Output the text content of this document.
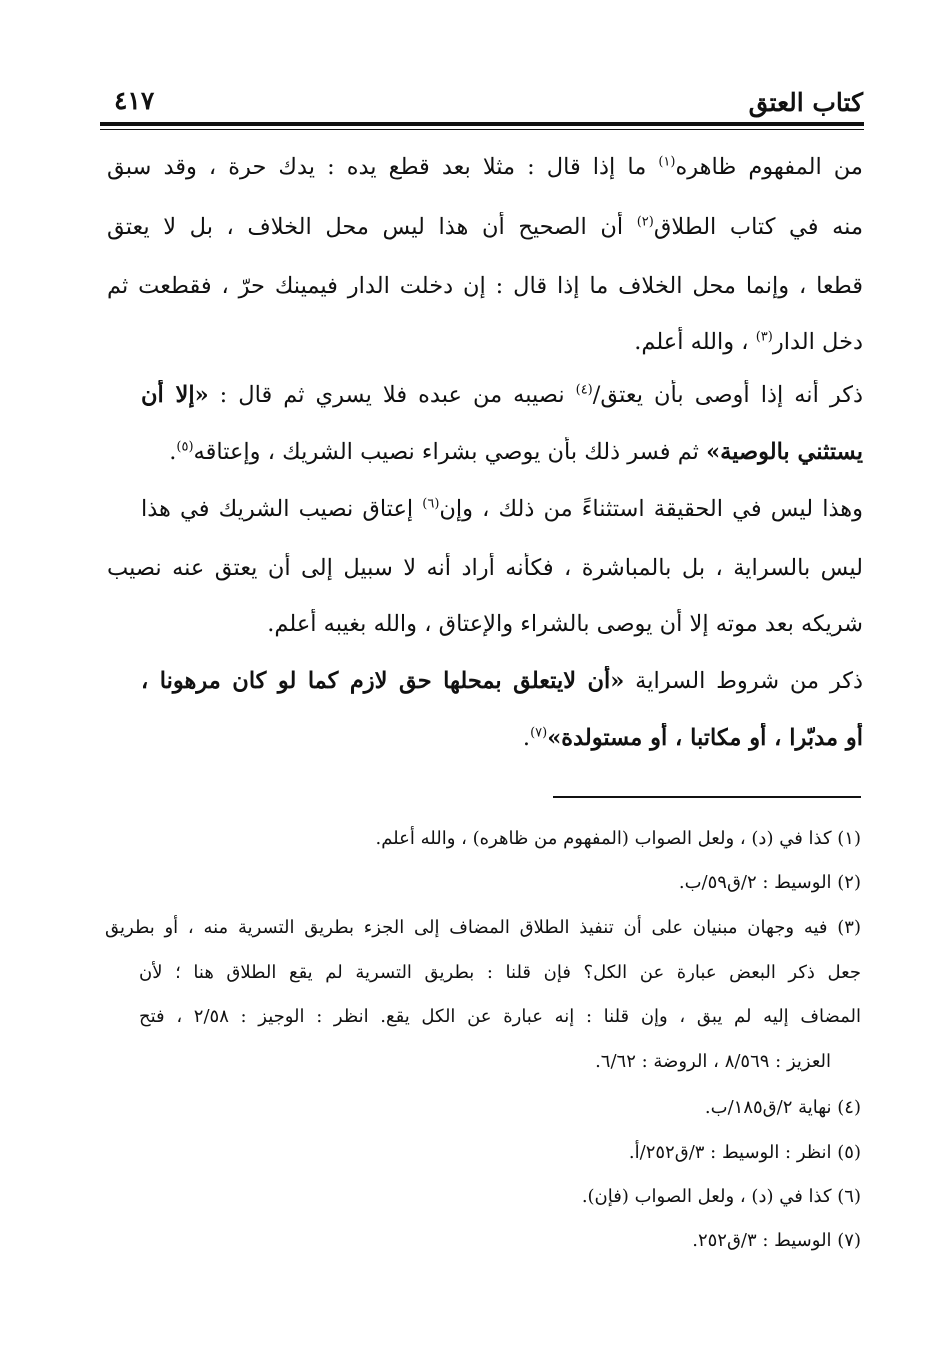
كتاب العتق
٤١٧
من المفهوم ظاهره$^{(١)}$ ما إذا قال : مثلا بعد قطع يده : يدك حرة ، وقد سبق
منه في كتاب الطلاق$^{(٢)}$ أن الصحيح أن هذا ليس محل الخلاف ، بل لا يعتق
قطعا ، وإنما محل الخلاف ما إذا قال : إن دخلت الدار فيمينك حرّ ، فقطعت ثم
دخل الدار$^{(٣)}$ ، والله أعلم.
ذكر أنه إذا أوصى بأن يعتق/$^{(٤)}$ نصيبه من عبده فلا يسري ثم قال : «إلا أن
يستثني بالوصية» ثم فسر ذلك بأن يوصي بشراء نصيب الشريك ، وإعتاقه$^{(٥)}$.
وهذا ليس في الحقيقة استثناءً من ذلك ، وإن$^{(٦)}$ إعتاق نصيب الشريك في هذا
ليس بالسراية ، بل بالمباشرة ، فكأنه أراد أنه لا سبيل إلى أن يعتق عنه نصيب
شريكه بعد موته إلا أن يوصى بالشراء والإعتاق ، والله بغيبه أعلم.
ذكر من شروط السراية «أن لايتعلق بمحلها حق لازم كما لو كان مرهونا ،
أو مدبّرا ، أو مكاتبا ، أو مستولدة»$^{(٧)}$.
(١) كذا في (د) ، ولعل الصواب (المفهوم من ظاهره) ، والله أعلم.
(٢) الوسيط : ٢/ق٥٩/ب.
(٣) فيه وجهان مبنيان على أن تنفيذ الطلاق المضاف إلى الجزء بطريق التسرية منه ، أو بطريق
جعل ذكر البعض عبارة عن الكل؟ فإن قلنا : بطريق التسرية لم يقع الطلاق هنا ؛ لأن
المضاف إليه لم يبق ، وإن قلنا : إنه عبارة عن الكل يقع. انظر : الوجيز : ٢/٥٨ ، فتح
العزيز : ٨/٥٦٩ ، الروضة : ٦/٦٢.
(٤) نهاية ٢/ق١٨٥/ب.
(٥) انظر : الوسيط : ٣/ق٢٥٢/أ.
(٦) كذا في (د) ، ولعل الصواب (فإن).
(٧) الوسيط : ٣/ق٢٥٢.
